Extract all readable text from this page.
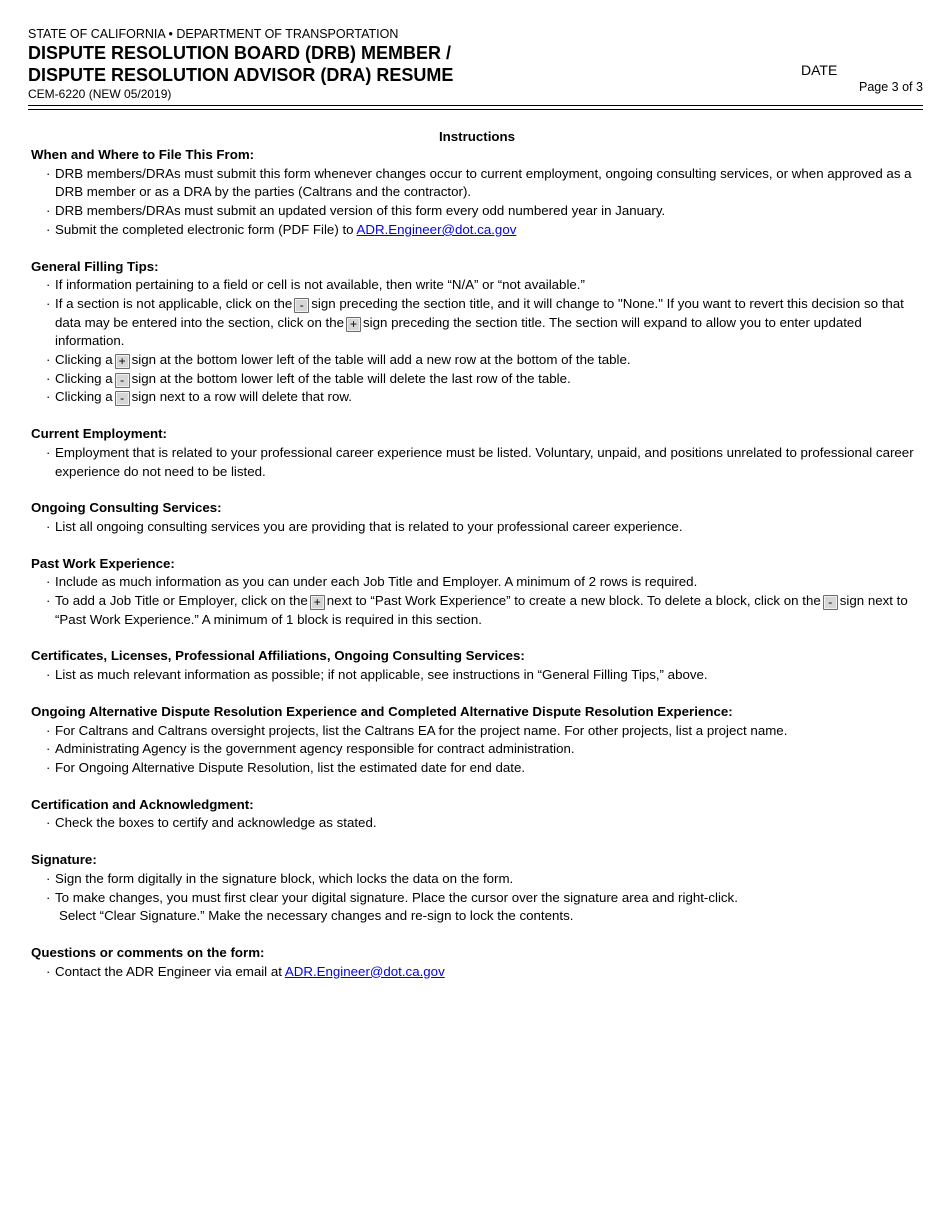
STATE OF CALIFORNIA • DEPARTMENT OF TRANSPORTATION
DISPUTE RESOLUTION BOARD (DRB) MEMBER /
DISPUTE RESOLUTION ADVISOR (DRA) RESUME
CEM-6220 (NEW 05/2019)
DATE
Page 3 of 3
Instructions
When and Where to File This From:
· DRB members/DRAs must submit this form whenever changes occur to current employment, ongoing consulting services, or when approved as a DRB member or as a DRA by the parties (Caltrans and the contractor).
· DRB members/DRAs must submit an updated version of this form every odd numbered year in January.
· Submit the completed electronic form (PDF File) to ADR.Engineer@dot.ca.gov
General Filling Tips:
· If information pertaining to a field or cell is not available, then write “N/A” or “not available.”
· If a section is not applicable, click on the - sign preceding the section title, and it will change to "None." If you want to revert this decision so that data may be entered into the section, click on the + sign preceding the section title. The section will expand to allow you to enter updated information.
· Clicking a + sign at the bottom lower left of the table will add a new row at the bottom of the table.
· Clicking a - sign at the bottom lower left of the table will delete the last row of the table.
· Clicking a - sign next to a row will delete that row.
Current Employment:
· Employment that is related to your professional career experience must be listed. Voluntary, unpaid, and positions unrelated to professional career experience do not need to be listed.
Ongoing Consulting Services:
· List all ongoing consulting services you are providing that is related to your professional career experience.
Past Work Experience:
· Include as much information as you can under each Job Title and Employer. A minimum of 2 rows is required.
· To add a Job Title or Employer, click on the + next to “Past Work Experience” to create a new block. To delete a block, click on the - sign next to “Past Work Experience.” A minimum of 1 block is required in this section.
Certificates, Licenses, Professional Affiliations, Ongoing Consulting Services:
· List as much relevant information as possible; if not applicable, see instructions in “General Filling Tips,” above.
Ongoing Alternative Dispute Resolution Experience and Completed Alternative Dispute Resolution Experience:
· For Caltrans and Caltrans oversight projects, list the Caltrans EA for the project name. For other projects, list a project name.
· Administrating Agency is the government agency responsible for contract administration.
· For Ongoing Alternative Dispute Resolution, list the estimated date for end date.
Certification and Acknowledgment:
· Check the boxes to certify and acknowledge as stated.
Signature:
· Sign the form digitally in the signature block, which locks the data on the form.
· To make changes, you must first clear your digital signature. Place the cursor over the signature area and right-click.
Select “Clear Signature.” Make the necessary changes and re-sign to lock the contents.
Questions or comments on the form:
· Contact the ADR Engineer via email at ADR.Engineer@dot.ca.gov
